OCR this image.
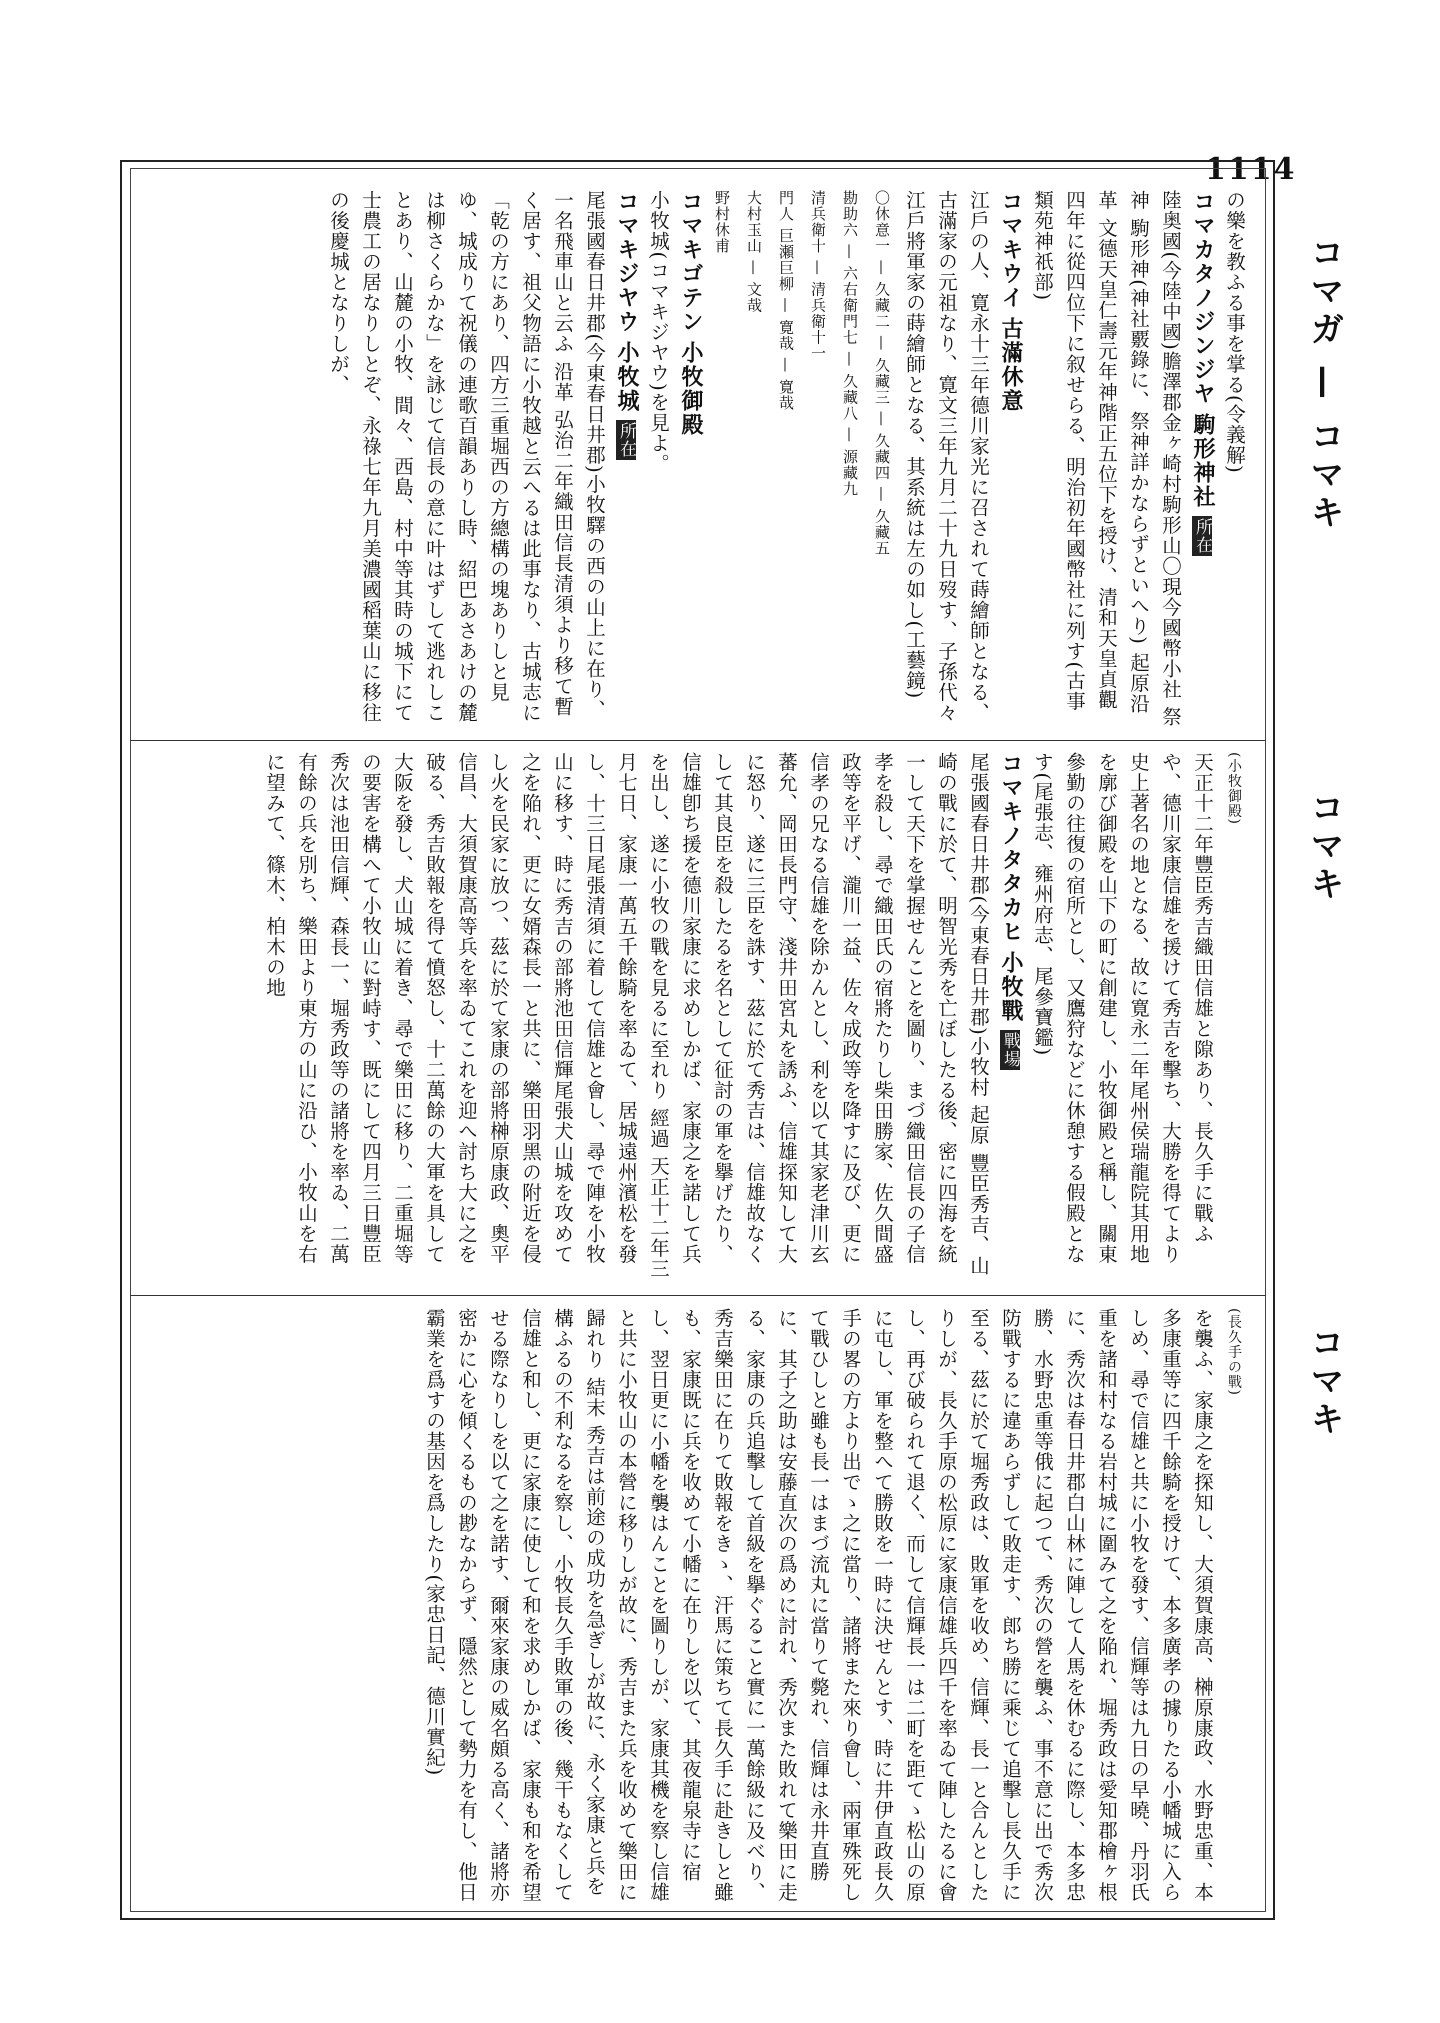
1114
コマガ — コマキ
コマキ
コマキ

の樂を教ふる事を掌る(令義解)

コマカタノジンジヤ 駒形神社 所在

陸奥國(今陸中國)膽澤郡金ヶ崎村駒形山〇現今國幣小社 祭神 駒形神(神社覈錄に、祭神詳かならずといへり) 起原沿革 文德天皇仁壽元年神階正五位下を授け、清和天皇貞觀四年に從四位下に叙せらる、明治初年國幣社に列す(古事類苑神祇部)

コマキウイ 古滿休意

江戶の人、寛永十三年德川家光に召されて蒔繪師となる、古滿家の元祖なり、寛文三年九月二十九日歿す、子孫代々江戶將軍家の蒔繪師となる、其系統は左の如し(工藝鏡)

〇休意一 — 久藏二 — 久藏三 — 久藏四 — 久藏五

勘助六 — 六右衛門七 — 久藏八 — 源藏九

清兵衛十 — 清兵衛十一

門人 巨瀬巨柳 — 寛哉 — 寛哉

大村玉山 — 文哉

野村休甫

コマキゴテン 小牧御殿

小牧城(コマキジヤウ)を見よ。

コマキジヤウ 小牧城 所在

尾張國春日井郡(今東春日井郡)小牧驛の西の山上に在り、一名飛車山と云ふ 沿革 弘治二年織田信長清須より移て暫く居す、祖父物語に小牧越と云へるは此事なり、古城志に「乾の方にあり、四方三重堀西の方總構の塊ありしと見ゆ、城成りて祝儀の連歌百韻ありし時、紹巴あさあけの麓は柳さくらかな」を詠じて信長の意に叶はずして逃れしことあり、山麓の小牧、間々、西島、村中等其時の城下にて士農工の居なりしとぞ、永祿七年九月美濃國稻葉山に移往の後慶城となりしが、

(小牧御殿)

天正十二年豐臣秀吉織田信雄と隙あり、長久手に戰ふや、德川家康信雄を援けて秀吉を擊ち、大勝を得てより史上著名の地となる、故に寛永二年尾州侯瑞龍院其用地を廓び御殿を山下の町に創建し、小牧御殿と稱し、關東參勤の往復の宿所とし、又鷹狩などに休憩する假殿となす(尾張志、雍州府志、尾參寶鑑)

コマキノタタカヒ 小牧戰 戰場

尾張國春日井郡(今東春日井郡)小牧村 起原 豐臣秀吉、山崎の戰に於て、明智光秀を亡ぼしたる後、密に四海を統一して天下を掌握せんことを圖り、まづ織田信長の子信孝を殺し、尋で織田氏の宿將たりし柴田勝家、佐久間盛政等を平げ、瀧川一益、佐々成政等を降すに及び、更に信孝の兄なる信雄を除かんとし、利を以て其家老津川玄蕃允、岡田長門守、淺井田宮丸を誘ふ、信雄探知して大に怒り、遂に三臣を誅す、茲に於て秀吉は、信雄故なくして其良臣を殺したるを名として征討の軍を擧げたり、信雄卽ち援を德川家康に求めしかば、家康之を諾して兵を出し、遂に小牧の戰を見るに至れり 經過 天正十二年三月七日、家康一萬五千餘騎を率ゐて、居城遠州濱松を發し、十三日尾張清須に着して信雄と會し、尋で陣を小牧山に移す、時に秀吉の部將池田信輝尾張犬山城を攻めて之を陥れ、更に女婿森長一と共に、樂田羽黑の附近を侵し火を民家に放つ、茲に於て家康の部將榊原康政、奧平信昌、大須賀康高等兵を率ゐてこれを迎へ討ち大に之を破る、秀吉敗報を得て憤怒し、十二萬餘の大軍を具して大阪を發し、犬山城に着き、尋で樂田に移り、二重堀等の要害を構へて小牧山に對峙す、既にして四月三日豐臣秀次は池田信輝、森長一、堀秀政等の諸將を率ゐ、二萬有餘の兵を別ち、樂田より東方の山に沿ひ、小牧山を右に望みて、篠木、柏木の地

(長久手の戰)

を襲ふ、家康之を探知し、大須賀康高、榊原康政、水野忠重、本多康重等に四千餘騎を授けて、本多廣孝の據りたる小幡城に入らしめ、尋で信雄と共に小牧を發す、信輝等は九日の早曉、丹羽氏重を諸和村なる岩村城に圍みて之を陥れ、堀秀政は愛知郡檜ヶ根に、秀次は春日井郡白山林に陣して人馬を休むるに際し、本多忠勝、水野忠重等俄に起つて、秀次の營を襲ふ、事不意に出で秀次防戰するに違あらずして敗走す、郎ち勝に乘じて追擊し長久手に至る、茲に於て堀秀政は、敗軍を收め、信輝、長一と合んとしたりしが、長久手原の松原に家康信雄兵四千を率ゐて陣したるに會し、再び破られて退く、而して信輝長一は二町を距てゝ松山の原に屯し、軍を整へて勝敗を一時に決せんとす、時に井伊直政長久手の畧の方より出でゝ之に當り、諸將また來り會し、兩軍殊死して戰ひしと雖も長一はまづ流丸に當りて斃れ、信輝は永井直勝に、其子之助は安藤直次の爲めに討れ、秀次また敗れて樂田に走る、家康の兵追擊して首級を擧ぐること實に一萬餘級に及べり、秀吉樂田に在りて敗報をきゝ、汗馬に策ちて長久手に赴きしと雖も、家康既に兵を收めて小幡に在りしを以て、其夜龍泉寺に宿し、翌日更に小幡を襲はんことを圖りしが、家康其機を察し信雄と共に小牧山の本營に移りしが故に、秀吉また兵を收めて樂田に歸れり 結末 秀吉は前途の成功を急ぎしが故に、永く家康と兵を構ふるの不利なるを察し、小牧長久手敗軍の後、幾干もなくして信雄と和し、更に家康に使して和を求めしかば、家康も和を希望せる際なりしを以て之を諾す、爾來家康の威名頗る高く、諸將亦密かに心を傾くるもの尠なからず、隱然として勢力を有し、他日霸業を爲すの基因を爲したり(家忠日記、德川實紀)
